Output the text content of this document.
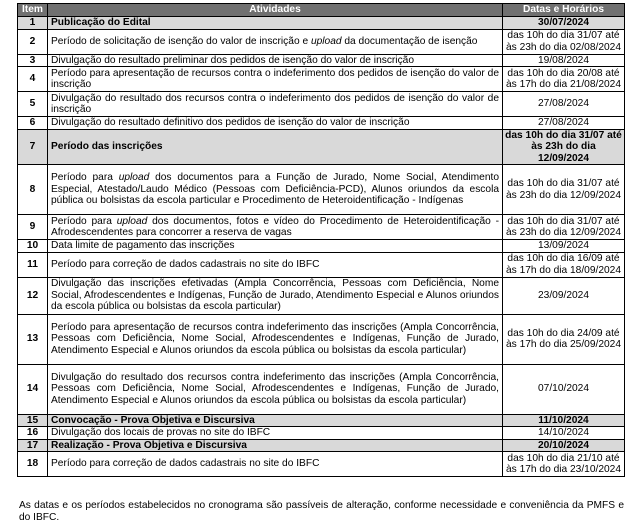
Item	Atividades	Datas e Horários
1	Publicação do Edital	30/07/2024
2	Período de solicitação de isenção do valor de inscrição e upload da documentação de isenção	das 10h do dia 31/07 até
às 23h do dia 02/08/2024
3	Divulgação do resultado preliminar dos pedidos de isenção do valor de inscrição	19/08/2024
4	Período para apresentação de recursos contra o indeferimento dos pedidos de isenção do valor de inscrição	das 10h do dia 20/08 até
às 17h do dia 21/08/2024
5	Divulgação do resultado dos recursos contra o indeferimento dos pedidos de isenção do valor de inscrição	27/08/2024
6	Divulgação do resultado definitivo dos pedidos de isenção do valor de inscrição	27/08/2024
7	Período das inscrições	das 10h do dia 31/07 até
às 23h do dia 12/09/2024
8	Período para upload dos documentos para a Função de Jurado, Nome Social, Atendimento Especial, Atestado/Laudo Médico (Pessoas com Deficiência-PCD), Alunos oriundos da escola pública ou bolsistas da escola particular e Procedimento de Heteroidentificação - Indígenas	das 10h do dia 31/07 até
às 23h do dia 12/09/2024
9	Período para upload dos documentos, fotos e vídeo do Procedimento de Heteroidentificação - Afrodescendentes para concorrer a reserva de vagas	das 10h do dia 31/07 até
às 23h do dia 12/09/2024
10	Data limite de pagamento das inscrições	13/09/2024
11	Período para correção de dados cadastrais no site do IBFC	das 10h do dia 16/09 até
às 17h do dia 18/09/2024
12	Divulgação das inscrições efetivadas (Ampla Concorrência, Pessoas com Deficiência, Nome Social, Afrodescendentes e Indígenas, Função de Jurado, Atendimento Especial e Alunos oriundos da escola pública ou bolsistas da escola particular)	23/09/2024
13	Período para apresentação de recursos contra indeferimento das inscrições (Ampla Concorrência, Pessoas com Deficiência, Nome Social, Afrodescendentes e Indígenas, Função de Jurado, Atendimento Especial e Alunos oriundos da escola pública ou bolsistas da escola particular)	das 10h do dia 24/09 até
às 17h do dia 25/09/2024
14	Divulgação do resultado dos recursos contra indeferimento das inscrições (Ampla Concorrência, Pessoas com Deficiência, Nome Social, Afrodescendentes e Indígenas, Função de Jurado, Atendimento Especial e Alunos oriundos da escola pública ou bolsistas da escola particular)	07/10/2024
15	Convocação - Prova Objetiva e Discursiva	11/10/2024
16	Divulgação dos locais de provas no site do IBFC	14/10/2024
17	Realização - Prova Objetiva e Discursiva	20/10/2024
18	Período para correção de dados cadastrais no site do IBFC	das 10h do dia 21/10 até
às 17h do dia 23/10/2024
As datas e os períodos estabelecidos no cronograma são passíveis de alteração, conforme necessidade e conveniência da PMFS e do IBFC.
